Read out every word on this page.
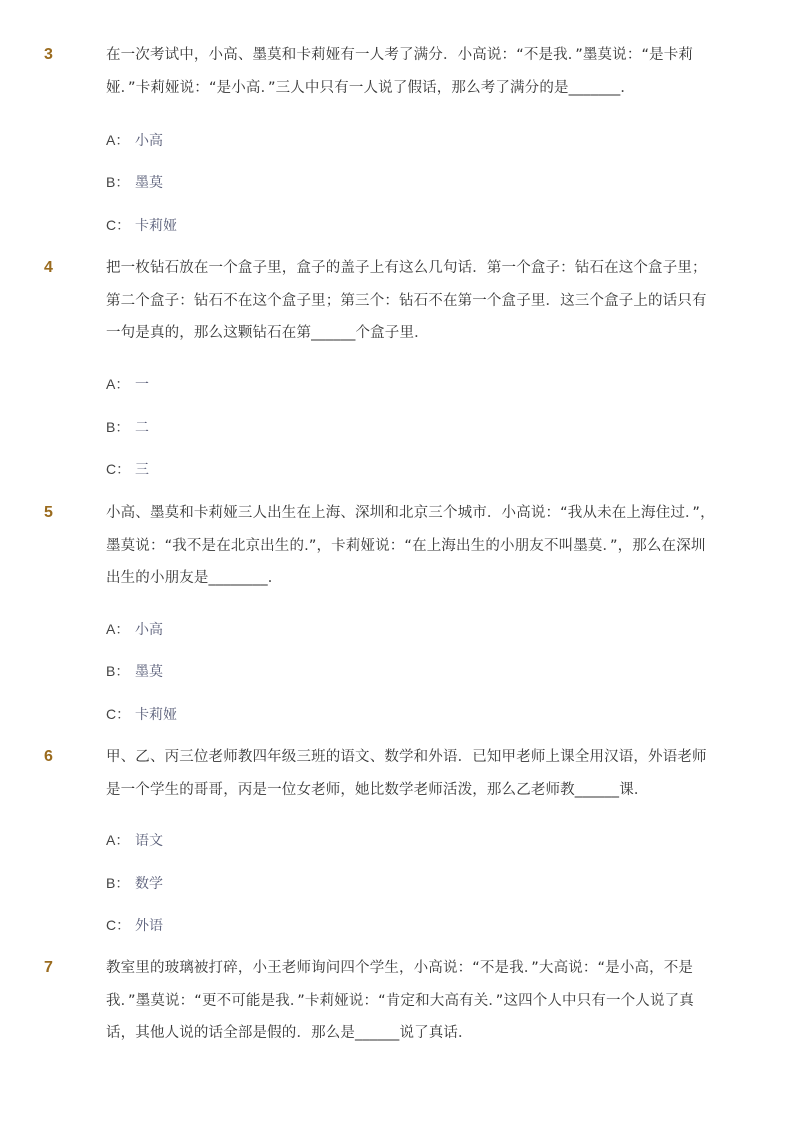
3	在一次考试中，小高、墨莫和卡莉娅有一人考了满分．小高说：“不是我．”墨莫说：“是卡莉娅．”卡莉娅说：“是小高．”三人中只有一人说了假话，那么考了满分的是_______．

A： 小高
B： 墨莫
C： 卡莉娅
4	把一枚钻石放在一个盒子里，盒子的盖子上有这么几句话．第一个盒子：钻石在这个盒子里；第二个盒子：钻石不在这个盒子里；第三个：钻石不在第一个盒子里．这三个盒子上的话只有一句是真的，那么这颗钻石在第______个盒子里．

A： 一
B： 二
C： 三
5	小高、墨莫和卡莉娅三人出生在上海、深圳和北京三个城市．小高说：“我从未在上海住过．”，墨莫说：“我不是在北京出生的.”，卡莉娅说：“在上海出生的小朋友不叫墨莫．”，那么在深圳出生的小朋友是________．

A： 小高
B： 墨莫
C： 卡莉娅
6	甲、乙、丙三位老师教四年级三班的语文、数学和外语．已知甲老师上课全用汉语，外语老师是一个学生的哥哥，丙是一位女老师，她比数学老师活泼，那么乙老师教______课．

A： 语文
B： 数学
C： 外语
7	教室里的玻璃被打碎，小王老师询问四个学生，小高说：“不是我．”大高说：“是小高，不是我．”墨莫说：“更不可能是我．”卡莉娅说：“肯定和大高有关．”这四个人中只有一个人说了真话，其他人说的话全部是假的．那么是______说了真话．
